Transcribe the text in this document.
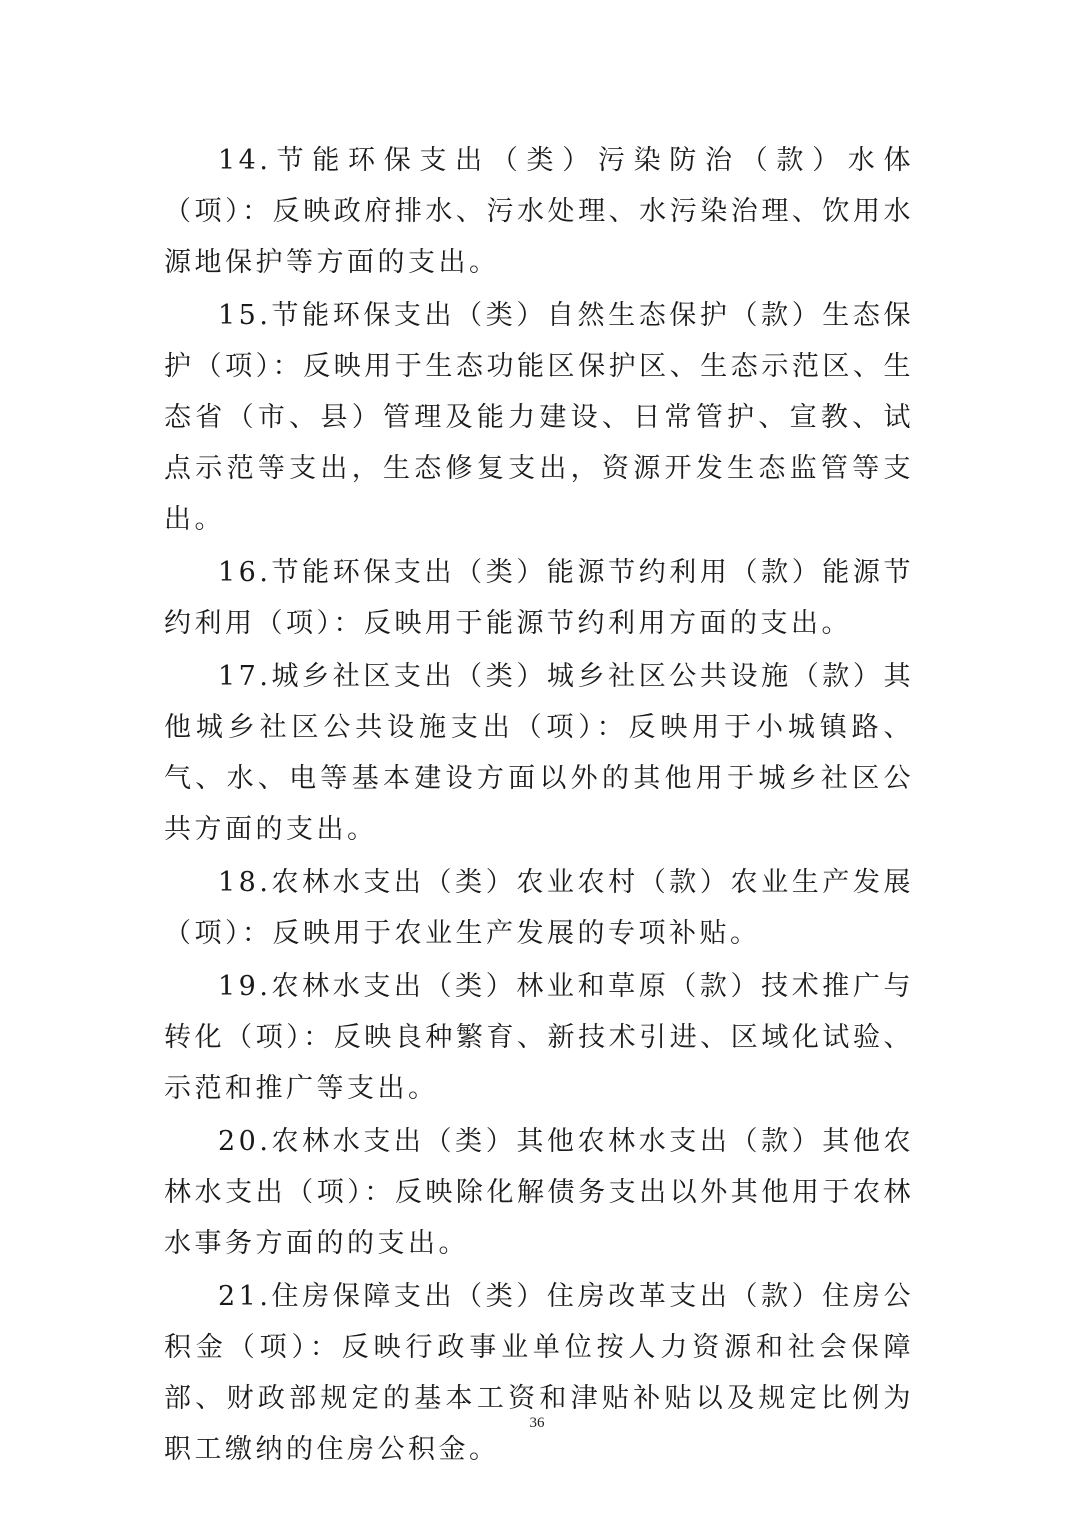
14.节能环保支出（类）污染防治（款）水体（项）：反映政府排水、污水处理、水污染治理、饮用水源地保护等方面的支出。

15.节能环保支出（类）自然生态保护（款）生态保护（项）：反映用于生态功能区保护区、生态示范区、生态省（市、县）管理及能力建设、日常管护、宣教、试点示范等支出，生态修复支出，资源开发生态监管等支出。

16.节能环保支出（类）能源节约利用（款）能源节约利用（项）：反映用于能源节约利用方面的支出。

17.城乡社区支出（类）城乡社区公共设施（款）其他城乡社区公共设施支出（项）：反映用于小城镇路、气、水、电等基本建设方面以外的其他用于城乡社区公共方面的支出。

18.农林水支出（类）农业农村（款）农业生产发展（项）：反映用于农业生产发展的专项补贴。

19.农林水支出（类）林业和草原（款）技术推广与转化（项）：反映良种繁育、新技术引进、区域化试验、示范和推广等支出。

20.农林水支出（类）其他农林水支出（款）其他农林水支出（项）：反映除化解债务支出以外其他用于农林水事务方面的的支出。

21.住房保障支出（类）住房改革支出（款）住房公积金（项）：反映行政事业单位按人力资源和社会保障部、财政部规定的基本工资和津贴补贴以及规定比例为职工缴纳的住房公积金。

36
